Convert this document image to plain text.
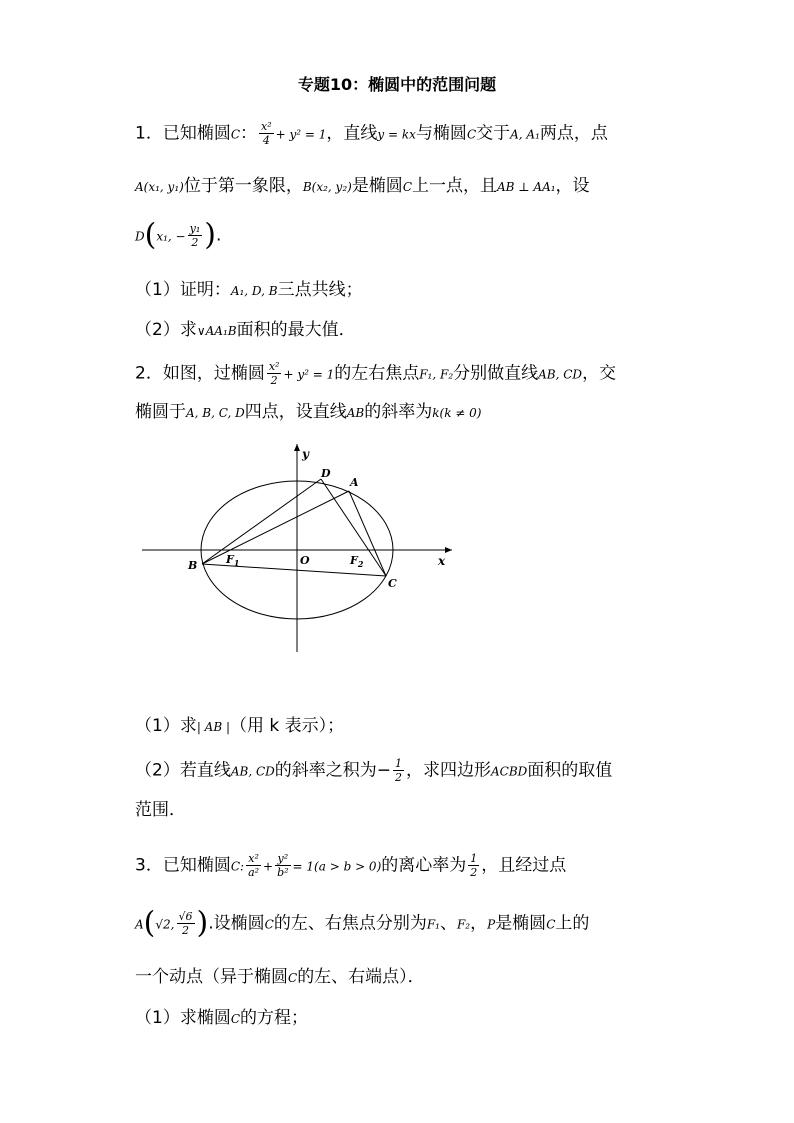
专题10：椭圆中的范围问题
1．已知椭圆C： $\frac{\text{x²}}{4} + y^2 = 1$，直线y = kx与椭圆C交于A, A₁两点，点
A(x₁, y₁)位于第一象限，B(x₂, y₂)是椭圆C上一点，且AB ⊥ AA₁，设
D(x₁, − $\frac{\text{y₁}}{2}$ ).
（1）证明：A₁, D, B三点共线；
（2）求∨AA₁B面积的最大值．
2．如图，过椭圆 $\frac{\text{x²}}{2} + y^2 = 1$的左右焦点F₁, F₂分别做直线AB, CD，交
椭圆于A, B, C, D四点，设直线AB的斜率为k(k ≠ 0)
y
x
O
D
A
B
C
$F_1$	$F_2$
（1）求| AB |（用 k 表示）；
（2）若直线AB, CD的斜率之积为− $\frac{1}{2}$ ，求四边形ACBD面积的取值
范围．
3．已知椭圆C: $\frac{\text{x²}}{\text{a²}} + \frac{\text{y²}}{\text{b²}} = 1(a > b > 0)$的离心率为 $\frac{1}{2}$ ，且经过点
A(√2, $\frac{√6}{2}$ ).设椭圆C的左、右焦点分别为F₁、F₂，P是椭圆C上的
一个动点（异于椭圆C的左、右端点）．
（1）求椭圆C的方程；
